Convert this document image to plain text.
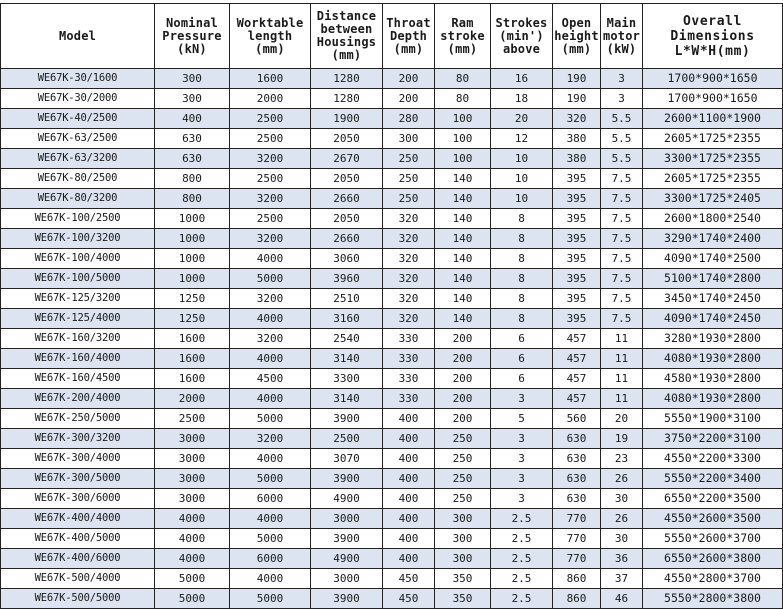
Model	Nominal Pressure (kN)	Worktable length (mm)	Distance between Housings (mm)	Throat Depth (mm)	Ram stroke (mm)	Strokes (min') above	Open height (mm)	Main motor (kW)	Overall Dimensions L*W*H(mm)
WE67K-30/1600	300	1600	1280	200	80	16	190	3	1700*900*1650
WE67K-30/2000	300	2000	1280	200	80	18	190	3	1700*900*1650
WE67K-40/2500	400	2500	1900	280	100	20	320	5.5	2600*1100*1900
WE67K-63/2500	630	2500	2050	300	100	12	380	5.5	2605*1725*2355
WE67K-63/3200	630	3200	2670	250	100	10	380	5.5	3300*1725*2355
WE67K-80/2500	800	2500	2050	250	140	10	395	7.5	2605*1725*2355
WE67K-80/3200	800	3200	2660	250	140	10	395	7.5	3300*1725*2405
WE67K-100/2500	1000	2500	2050	320	140	8	395	7.5	2600*1800*2540
WE67K-100/3200	1000	3200	2660	320	140	8	395	7.5	3290*1740*2400
WE67K-100/4000	1000	4000	3060	320	140	8	395	7.5	4090*1740*2500
WE67K-100/5000	1000	5000	3960	320	140	8	395	7.5	5100*1740*2800
WE67K-125/3200	1250	3200	2510	320	140	8	395	7.5	3450*1740*2450
WE67K-125/4000	1250	4000	3160	320	140	8	395	7.5	4090*1740*2450
WE67K-160/3200	1600	3200	2540	330	200	6	457	11	3280*1930*2800
WE67K-160/4000	1600	4000	3140	330	200	6	457	11	4080*1930*2800
WE67K-160/4500	1600	4500	3300	330	200	6	457	11	4580*1930*2800
WE67K-200/4000	2000	4000	3140	330	200	3	457	11	4080*1930*2800
WE67K-250/5000	2500	5000	3900	400	200	5	560	20	5550*1900*3100
WE67K-300/3200	3000	3200	2500	400	250	3	630	19	3750*2200*3100
WE67K-300/4000	3000	4000	3070	400	250	3	630	23	4550*2200*3300
WE67K-300/5000	3000	5000	3900	400	250	3	630	26	5550*2200*3400
WE67K-300/6000	3000	6000	4900	400	250	3	630	30	6550*2200*3500
WE67K-400/4000	4000	4000	3000	400	300	2.5	770	26	4550*2600*3500
WE67K-400/5000	4000	5000	3900	400	300	2.5	770	30	5550*2600*3700
WE67K-400/6000	4000	6000	4900	400	300	2.5	770	36	6550*2600*3800
WE67K-500/4000	5000	4000	3000	450	350	2.5	860	37	4550*2800*3700
WE67K-500/5000	5000	5000	3900	450	350	2.5	860	46	5550*2800*3800
